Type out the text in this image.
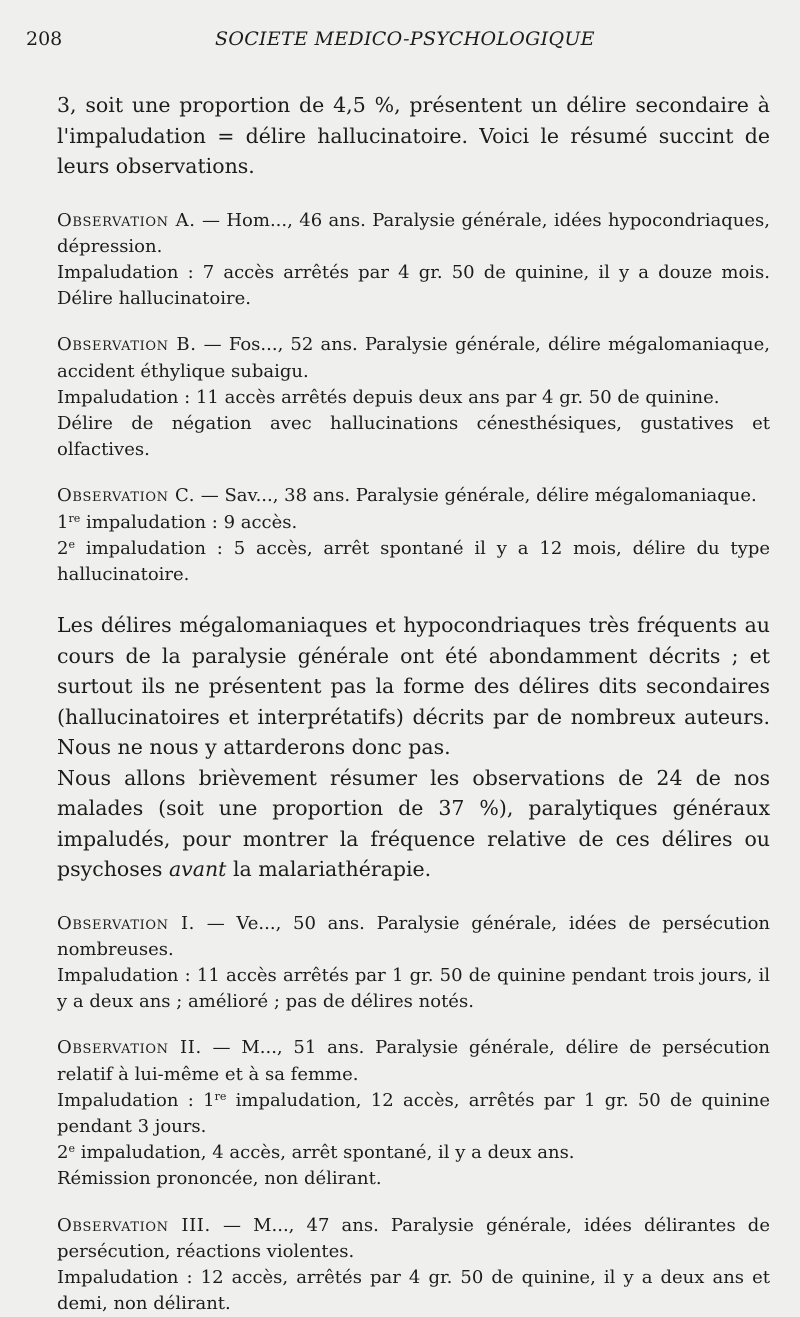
208	SOCIETE MEDICO-PSYCHOLOGIQUE

3, soit une proportion de 4,5 %, présentent un délire secondaire à l'impaludation = délire hallucinatoire. Voici le résumé succint de leurs observations.

Observation A. — Hom..., 46 ans. Paralysie générale, idées hypocondriaques, dépression.

Impaludation : 7 accès arrêtés par 4 gr. 50 de quinine, il y a douze mois. Délire hallucinatoire.

Observation B. — Fos..., 52 ans. Paralysie générale, délire mégalomaniaque, accident éthylique subaigu.

Impaludation : 11 accès arrêtés depuis deux ans par 4 gr. 50 de quinine.

Délire de négation avec hallucinations cénesthésiques, gustatives et olfactives.

Observation C. — Sav..., 38 ans. Paralysie générale, délire mégalomaniaque.

1re impaludation : 9 accès.

2e impaludation : 5 accès, arrêt spontané il y a 12 mois, délire du type hallucinatoire.

Les délires mégalomaniaques et hypocondriaques très fréquents au cours de la paralysie générale ont été abondamment décrits ; et surtout ils ne présentent pas la forme des délires dits secondaires (hallucinatoires et interprétatifs) décrits par de nombreux auteurs. Nous ne nous y attarderons donc pas.

Nous allons brièvement résumer les observations de 24 de nos malades (soit une proportion de 37 %), paralytiques généraux impaludés, pour montrer la fréquence relative de ces délires ou psychoses avant la malariathérapie.

Observation I. — Ve..., 50 ans. Paralysie générale, idées de persécution nombreuses.

Impaludation : 11 accès arrêtés par 1 gr. 50 de quinine pendant trois jours, il y a deux ans ; amélioré ; pas de délires notés.

Observation II. — M..., 51 ans. Paralysie générale, délire de persécution relatif à lui-même et à sa femme.

Impaludation : 1re impaludation, 12 accès, arrêtés par 1 gr. 50 de quinine pendant 3 jours.

2e impaludation, 4 accès, arrêt spontané, il y a deux ans.

Rémission prononcée, non délirant.

Observation III. — M..., 47 ans. Paralysie générale, idées délirantes de persécution, réactions violentes.

Impaludation : 12 accès, arrêtés par 4 gr. 50 de quinine, il y a deux ans et demi, non délirant.
